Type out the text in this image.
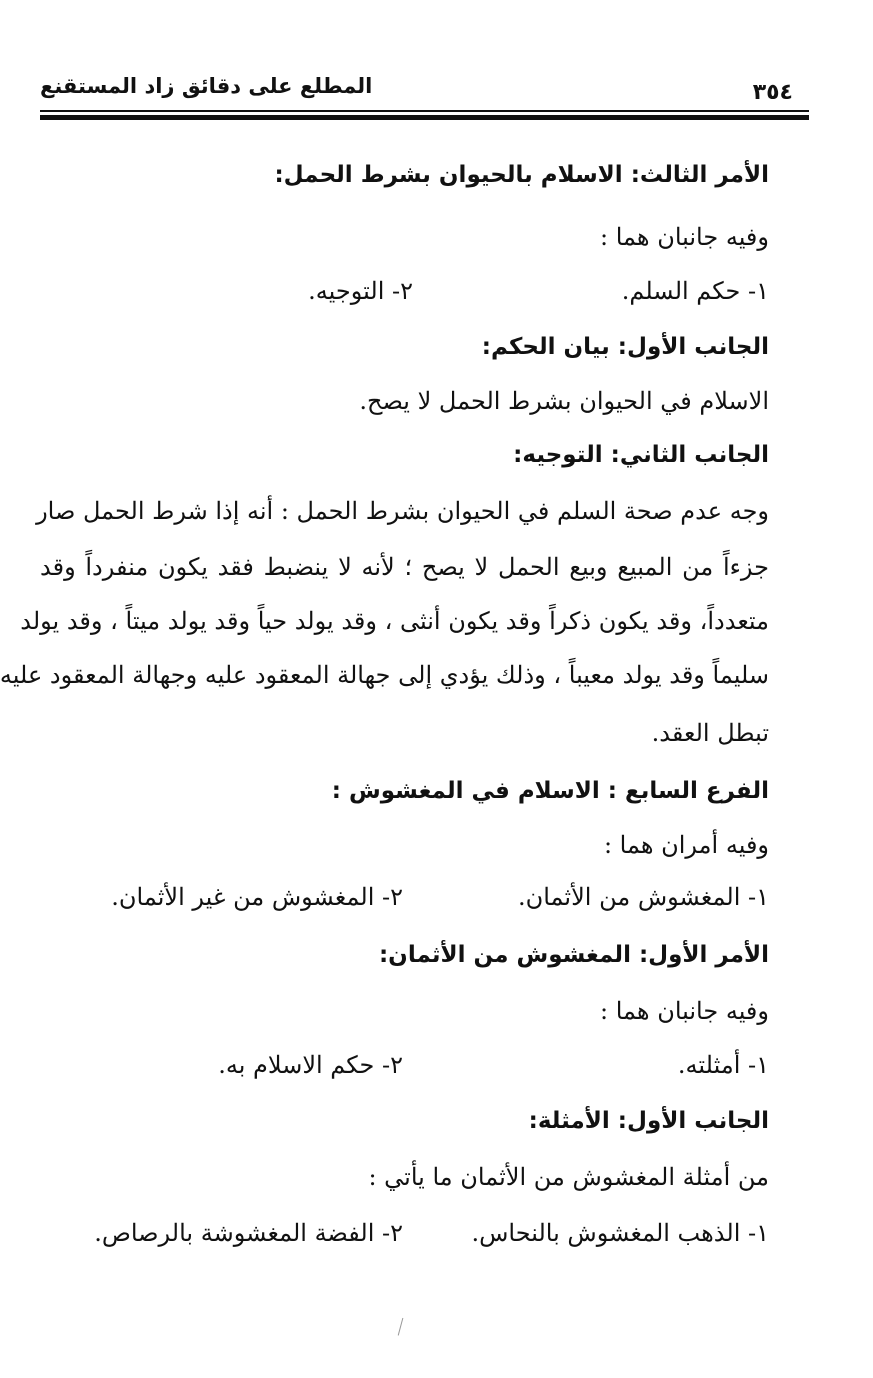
المطلع على دقائق زاد المستقنع	٣٥٤
الأمر الثالث: الاسلام بالحيوان بشرط الحمل:
وفيه جانبان هما :
١- حكم السلم.
٢- التوجيه.
الجانب الأول: بيان الحكم:
الاسلام في الحيوان بشرط الحمل لا يصح.
الجانب الثاني: التوجيه:
وجه عدم صحة السلم في الحيوان بشرط الحمل : أنه إذا شرط الحمل صار
جزءاً من المبيع وبيع الحمل لا يصح ؛ لأنه لا ينضبط فقد يكون منفرداً وقد
متعدداً، وقد يكون ذكراً وقد يكون أنثى ، وقد يولد حياً وقد يولد ميتاً ، وقد يولد
سليماً وقد يولد معيباً ، وذلك يؤدي إلى جهالة المعقود عليه وجهالة المعقود عليه
تبطل العقد.
الفرع السابع : الاسلام في المغشوش :
وفيه أمران هما :
١- المغشوش من الأثمان.
٢- المغشوش من غير الأثمان.
الأمر الأول: المغشوش من الأثمان:
وفيه جانبان هما :
١- أمثلته.
٢- حكم الاسلام به.
الجانب الأول: الأمثلة:
من أمثلة المغشوش من الأثمان ما يأتي :
١- الذهب المغشوش بالنحاس.
٢- الفضة المغشوشة بالرصاص.
